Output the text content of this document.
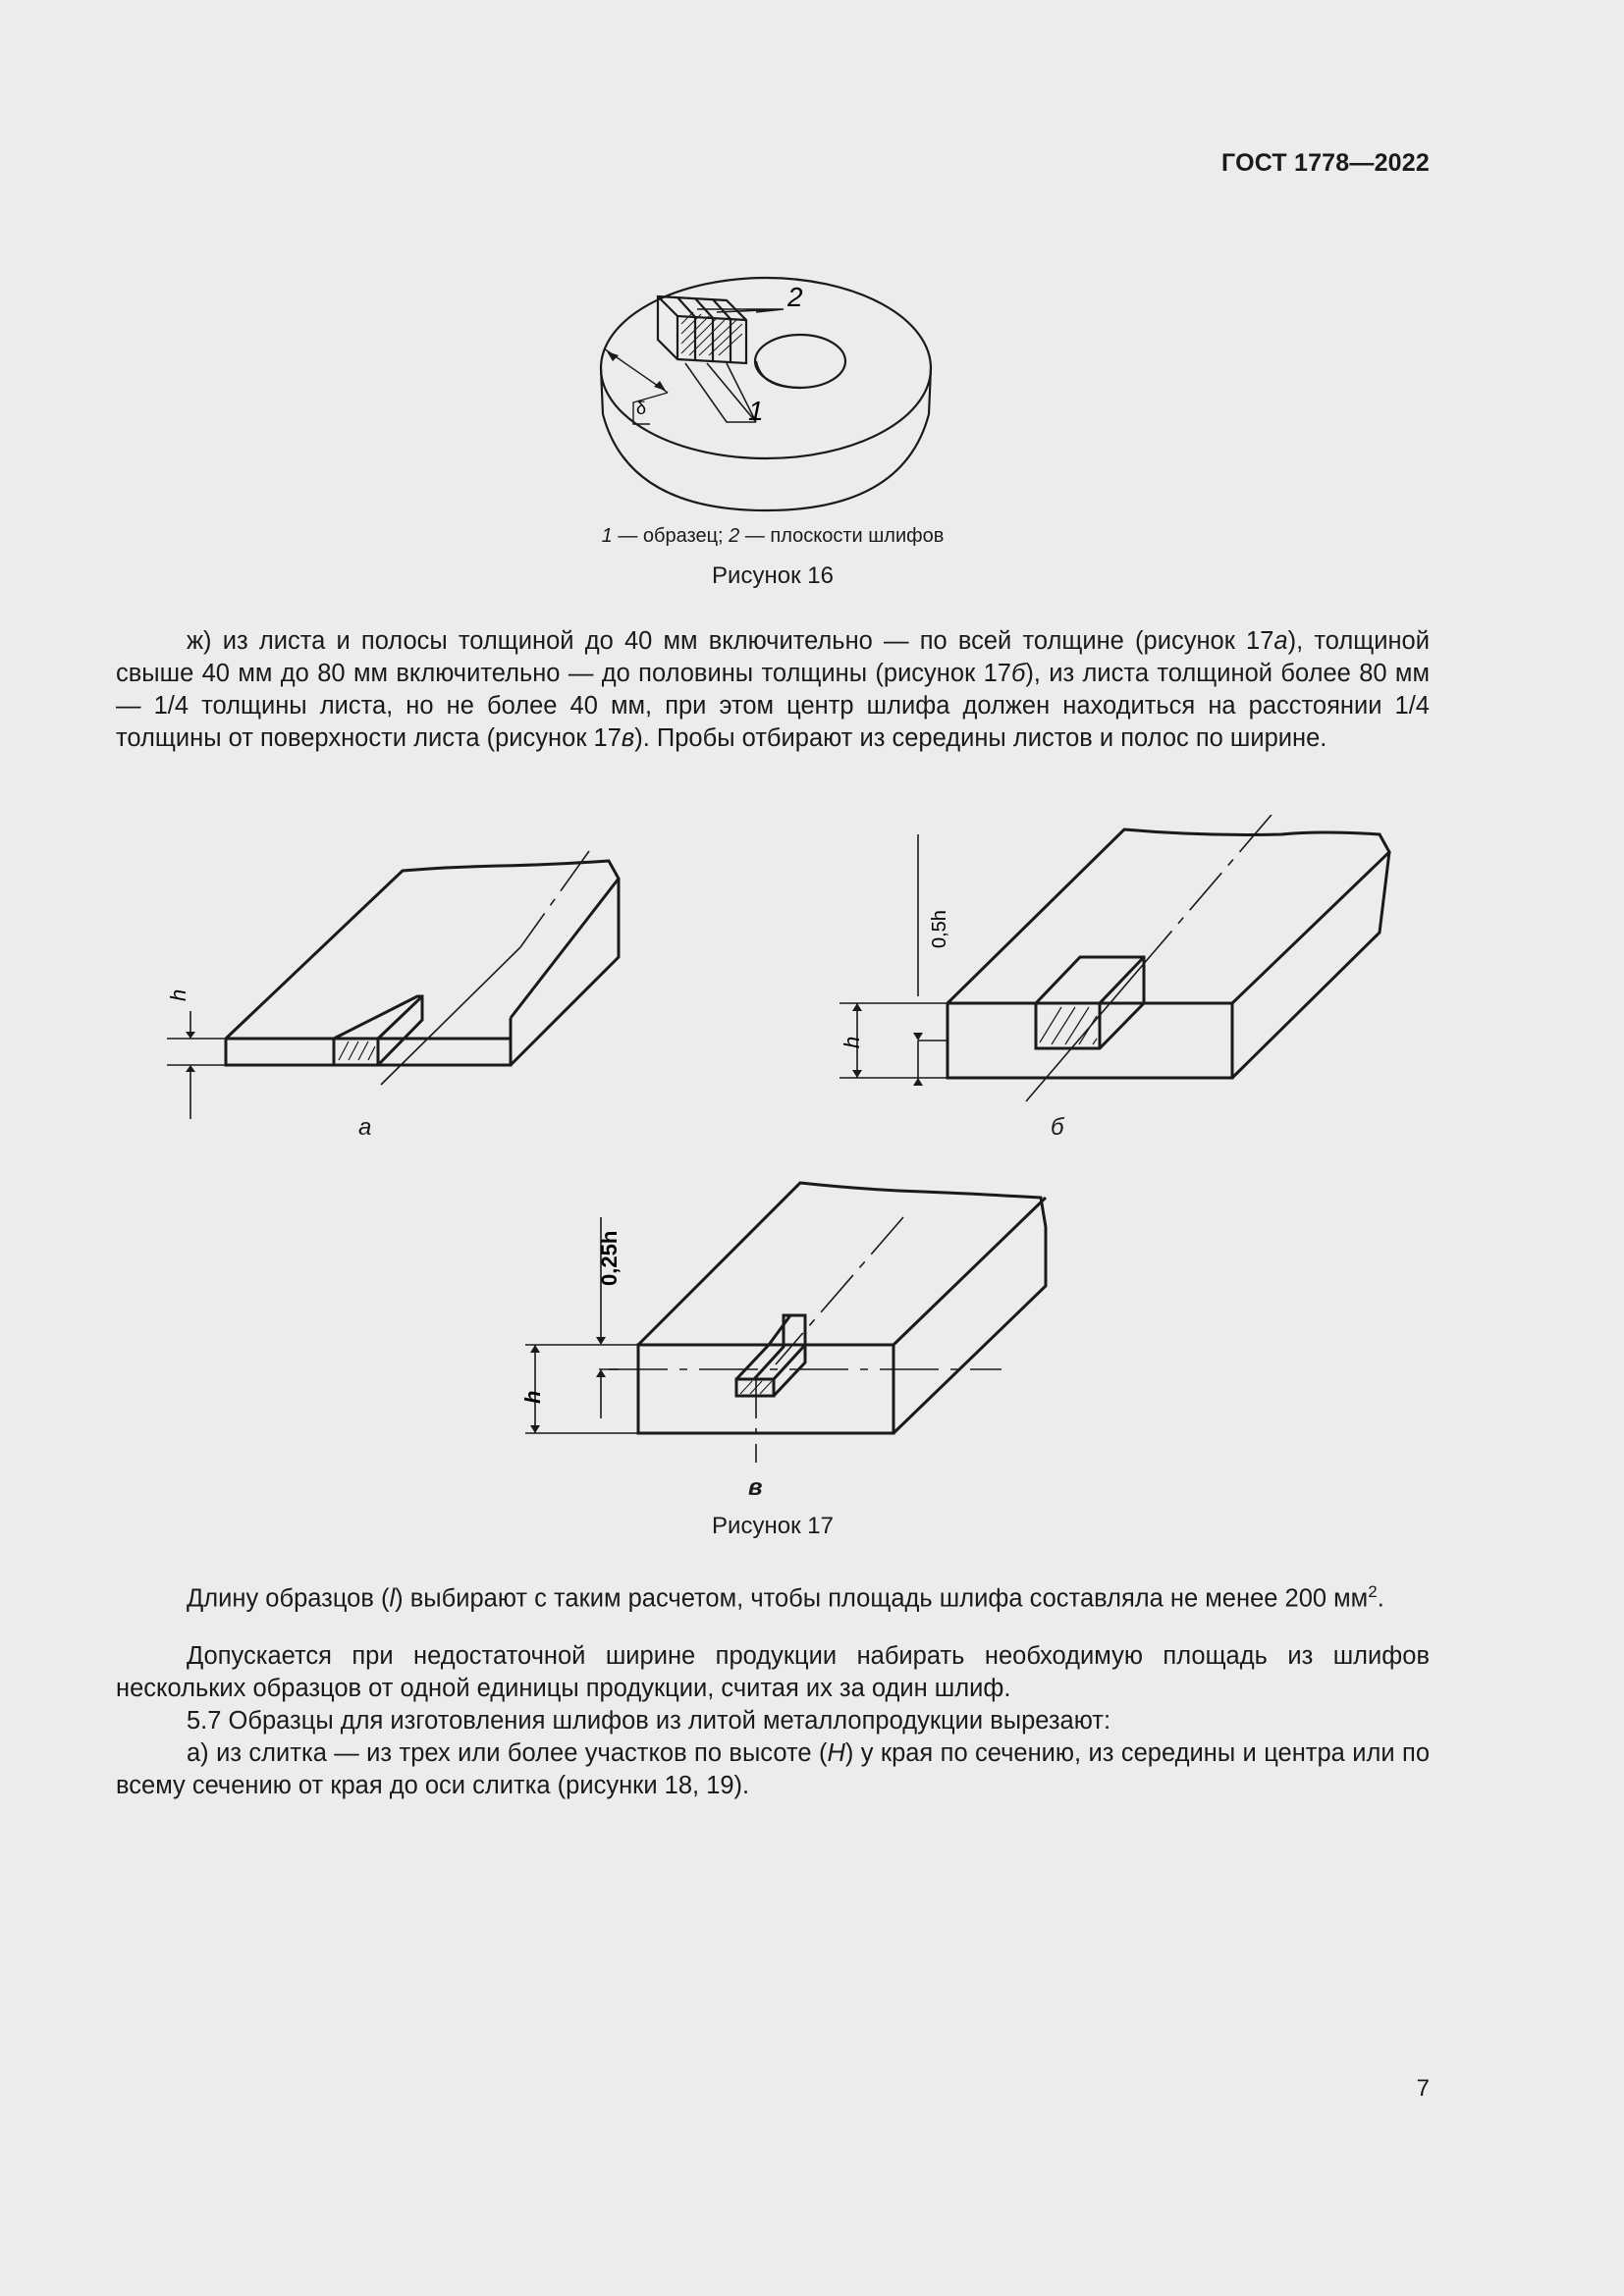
ГОСТ 1778—2022
2
1
δ
1 — образец; 2 — плоскости шлифов
Рисунок 16

ж) из листа и полосы толщиной до 40 мм включительно — по всей толщине (рисунок 17а), толщиной свыше 40 мм до 80 мм включительно — до половины толщины (рисунок 17б), из листа толщиной более 80 мм — 1/4 толщины листа, но не более 40 мм, при этом центр шлифа должен находиться на расстоянии 1/4 толщины от поверхности листа (рисунок 17в). Пробы отбирают из середины листов и полос по ширине.

h
а
h
0,5h
б
h
0,25h
в
Рисунок 17

Длину образцов (l) выбирают с таким расчетом, чтобы площадь шлифа составляла не менее 200 $мм^2$.

Допускается при недостаточной ширине продукции набирать необходимую площадь из шлифов нескольких образцов от одной единицы продукции, считая их за один шлиф.

5.7 Образцы для изготовления шлифов из литой металлопродукции вырезают:

а) из слитка — из трех или более участков по высоте (H) у края по сечению, из середины и центра или по всему сечению от края до оси слитка (рисунки 18, 19).

7
